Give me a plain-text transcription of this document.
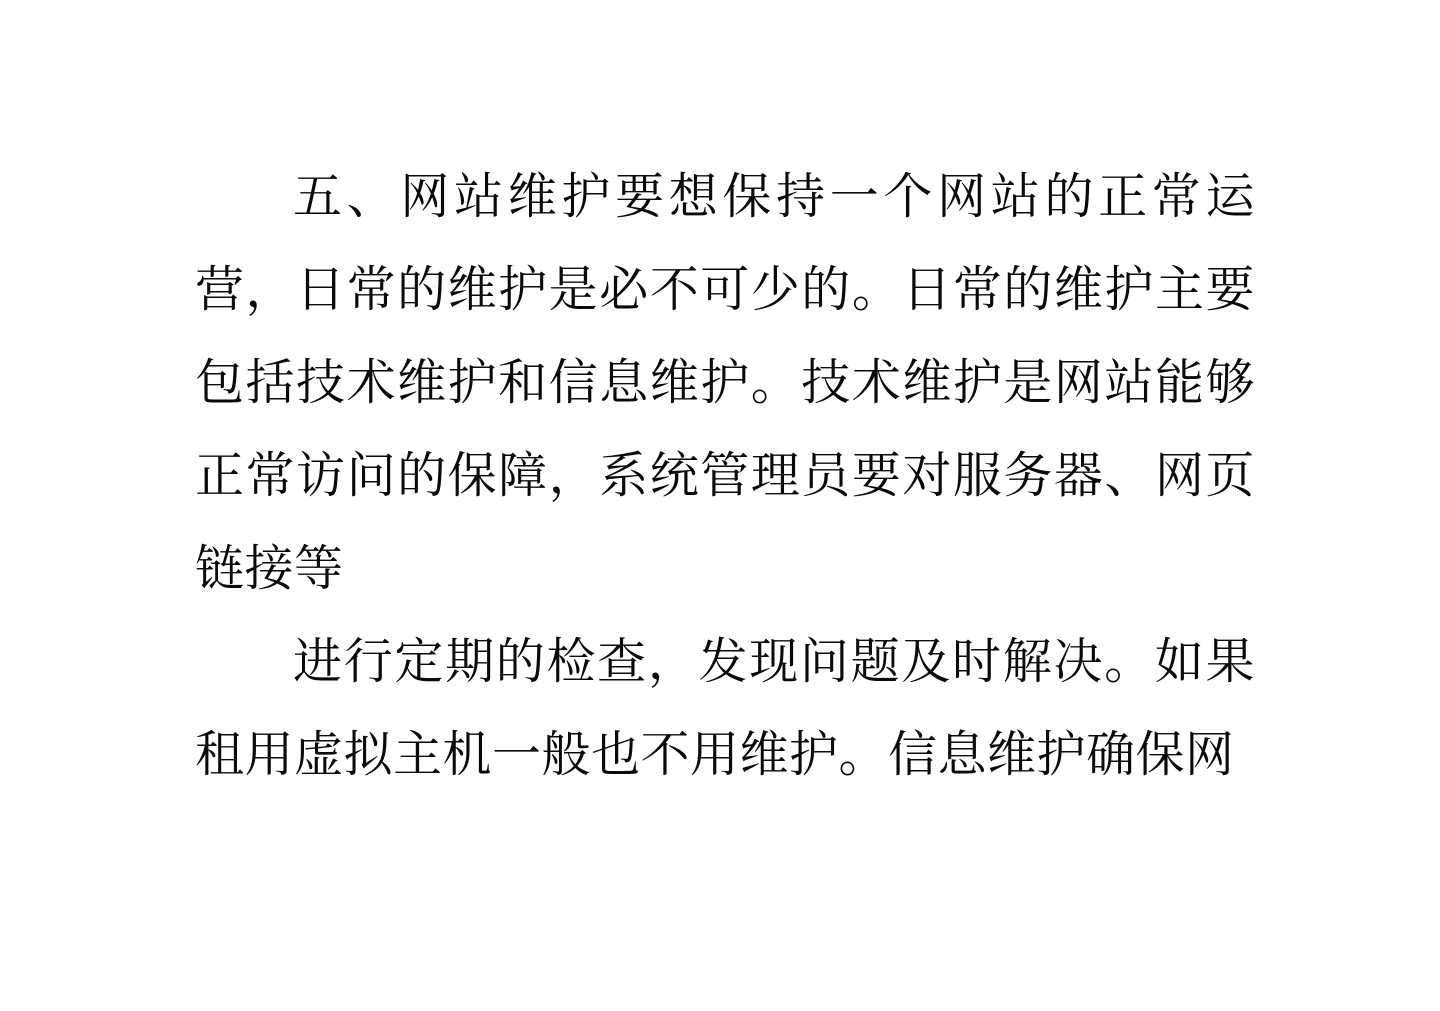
五、网站维护要想保持一个网站的正常运营，日常的维护是必不可少的。日常的维护主要包括技术维护和信息维护。技术维护是网站能够正常访问的保障，系统管理员要对服务器、网页链接等

进行定期的检查，发现问题及时解决。如果租用虚拟主机一般也不用维护。信息维护确保网
